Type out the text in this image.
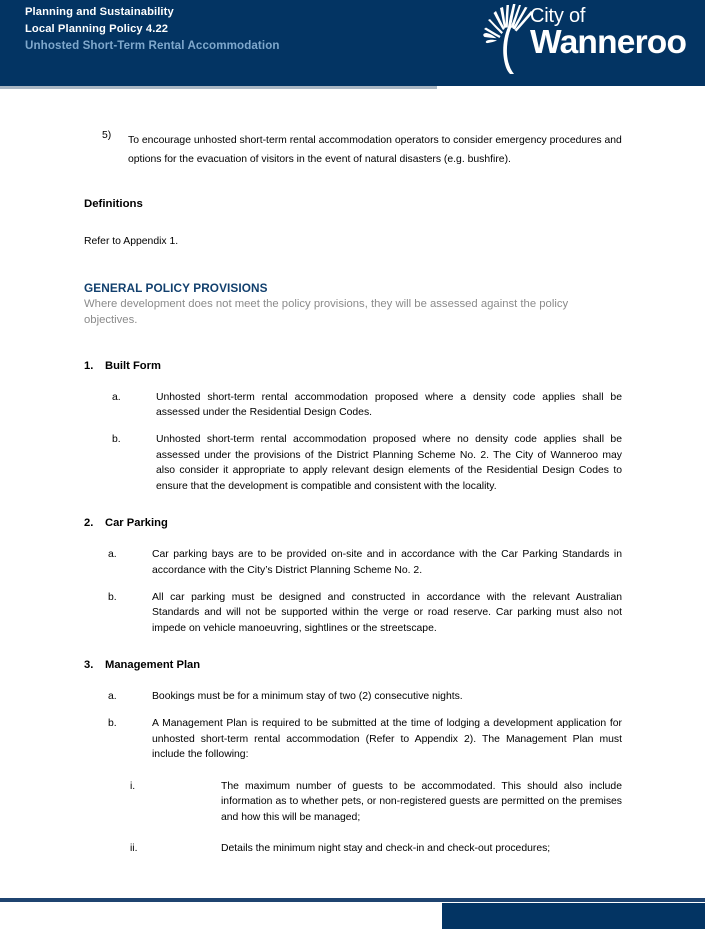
Planning and Sustainability
Local Planning Policy 4.22
Unhosted Short-Term Rental Accommodation
City of
Wanneroo
5) To encourage unhosted short-term rental accommodation operators to consider emergency procedures and options for the evacuation of visitors in the event of natural disasters (e.g. bushfire).
Definitions
Refer to Appendix 1.
GENERAL POLICY PROVISIONS
Where development does not meet the policy provisions, they will be assessed against the policy objectives.
1. Built Form
a.	Unhosted short-term rental accommodation proposed where a density code applies shall be assessed under the Residential Design Codes.
b.	Unhosted short-term rental accommodation proposed where no density code applies shall be assessed under the provisions of the District Planning Scheme No. 2. The City of Wanneroo may also consider it appropriate to apply relevant design elements of the Residential Design Codes to ensure that the development is compatible and consistent with the locality.
2. Car Parking
a.	Car parking bays are to be provided on-site and in accordance with the Car Parking Standards in accordance with the City’s District Planning Scheme No. 2.
b.	All car parking must be designed and constructed in accordance with the relevant Australian Standards and will not be supported within the verge or road reserve. Car parking must also not impede on vehicle manoeuvring, sightlines or the streetscape.
3. Management Plan
a.	Bookings must be for a minimum stay of two (2) consecutive nights.
b.	A Management Plan is required to be submitted at the time of lodging a development application for unhosted short-term rental accommodation (Refer to Appendix 2). The Management Plan must include the following:
i.	The maximum number of guests to be accommodated. This should also include information as to whether pets, or non-registered guests are permitted on the premises and how this will be managed;
ii.	Details the minimum night stay and check-in and check-out procedures;
